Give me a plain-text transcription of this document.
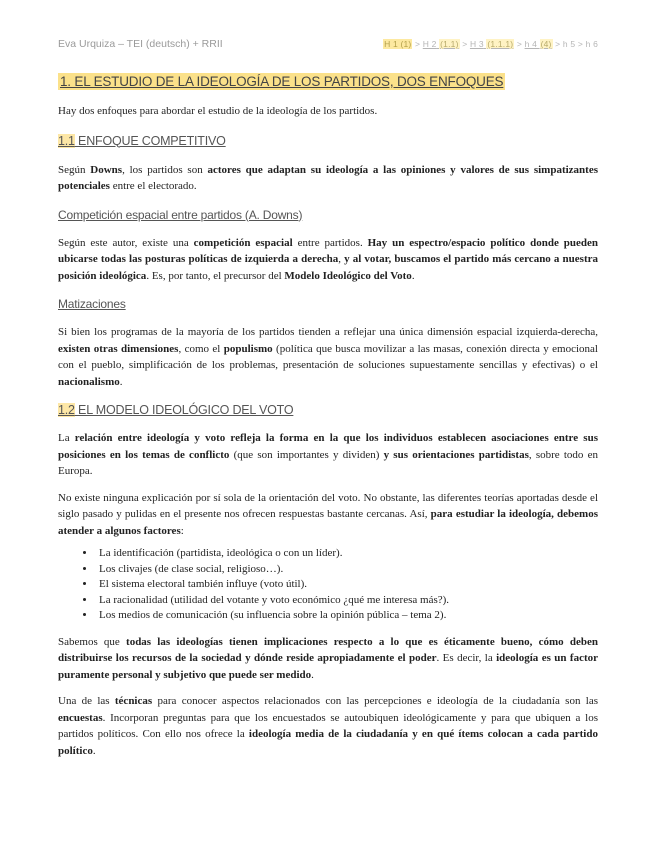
Eva Urquiza – TEI (deutsch) + RRII	H 1 (1) > H 2 (1.1) > H 3 (1.1.1) > h 4 (4) > h 5 > h 6
1. EL ESTUDIO DE LA IDEOLOGÍA DE LOS PARTIDOS, DOS ENFOQUES

Hay dos enfoques para abordar el estudio de la ideología de los partidos.

1.1 ENFOQUE COMPETITIVO

Según Downs, los partidos son actores que adaptan su ideología a las opiniones y valores de sus simpatizantes potenciales entre el electorado.

Competición espacial entre partidos (A. Downs)

Según este autor, existe una competición espacial entre partidos. Hay un espectro/espacio político donde pueden ubicarse todas las posturas políticas de izquierda a derecha, y al votar, buscamos el partido más cercano a nuestra posición ideológica. Es, por tanto, el precursor del Modelo Ideológico del Voto.

Matizaciones

Si bien los programas de la mayoría de los partidos tienden a reflejar una única dimensión espacial izquierda-derecha, existen otras dimensiones, como el populismo (política que busca movilizar a las masas, conexión directa y emocional con el pueblo, simplificación de los problemas, presentación de soluciones supuestamente sencillas y efectivas) o el nacionalismo.

1.2 EL MODELO IDEOLÓGICO DEL VOTO

La relación entre ideología y voto refleja la forma en la que los individuos establecen asociaciones entre sus posiciones en los temas de conflicto (que son importantes y dividen) y sus orientaciones partidistas, sobre todo en Europa.

No existe ninguna explicación por sí sola de la orientación del voto. No obstante, las diferentes teorías aportadas desde el siglo pasado y pulidas en el presente nos ofrecen respuestas bastante cercanas. Así, para estudiar la ideología, debemos atender a algunos factores:

• La identificación (partidista, ideológica o con un líder).
• Los clivajes (de clase social, religioso…).
• El sistema electoral también influye (voto útil).
• La racionalidad (utilidad del votante y voto económico ¿qué me interesa más?).
• Los medios de comunicación (su influencia sobre la opinión pública – tema 2).

Sabemos que todas las ideologías tienen implicaciones respecto a lo que es éticamente bueno, cómo deben distribuirse los recursos de la sociedad y dónde reside apropiadamente el poder. Es decir, la ideología es un factor puramente personal y subjetivo que puede ser medido.

Una de las técnicas para conocer aspectos relacionados con las percepciones e ideología de la ciudadanía son las encuestas. Incorporan preguntas para que los encuestados se autoubiquen ideológicamente y para que ubiquen a los partidos políticos. Con ello nos ofrece la ideología media de la ciudadanía y en qué ítems colocan a cada partido político.
